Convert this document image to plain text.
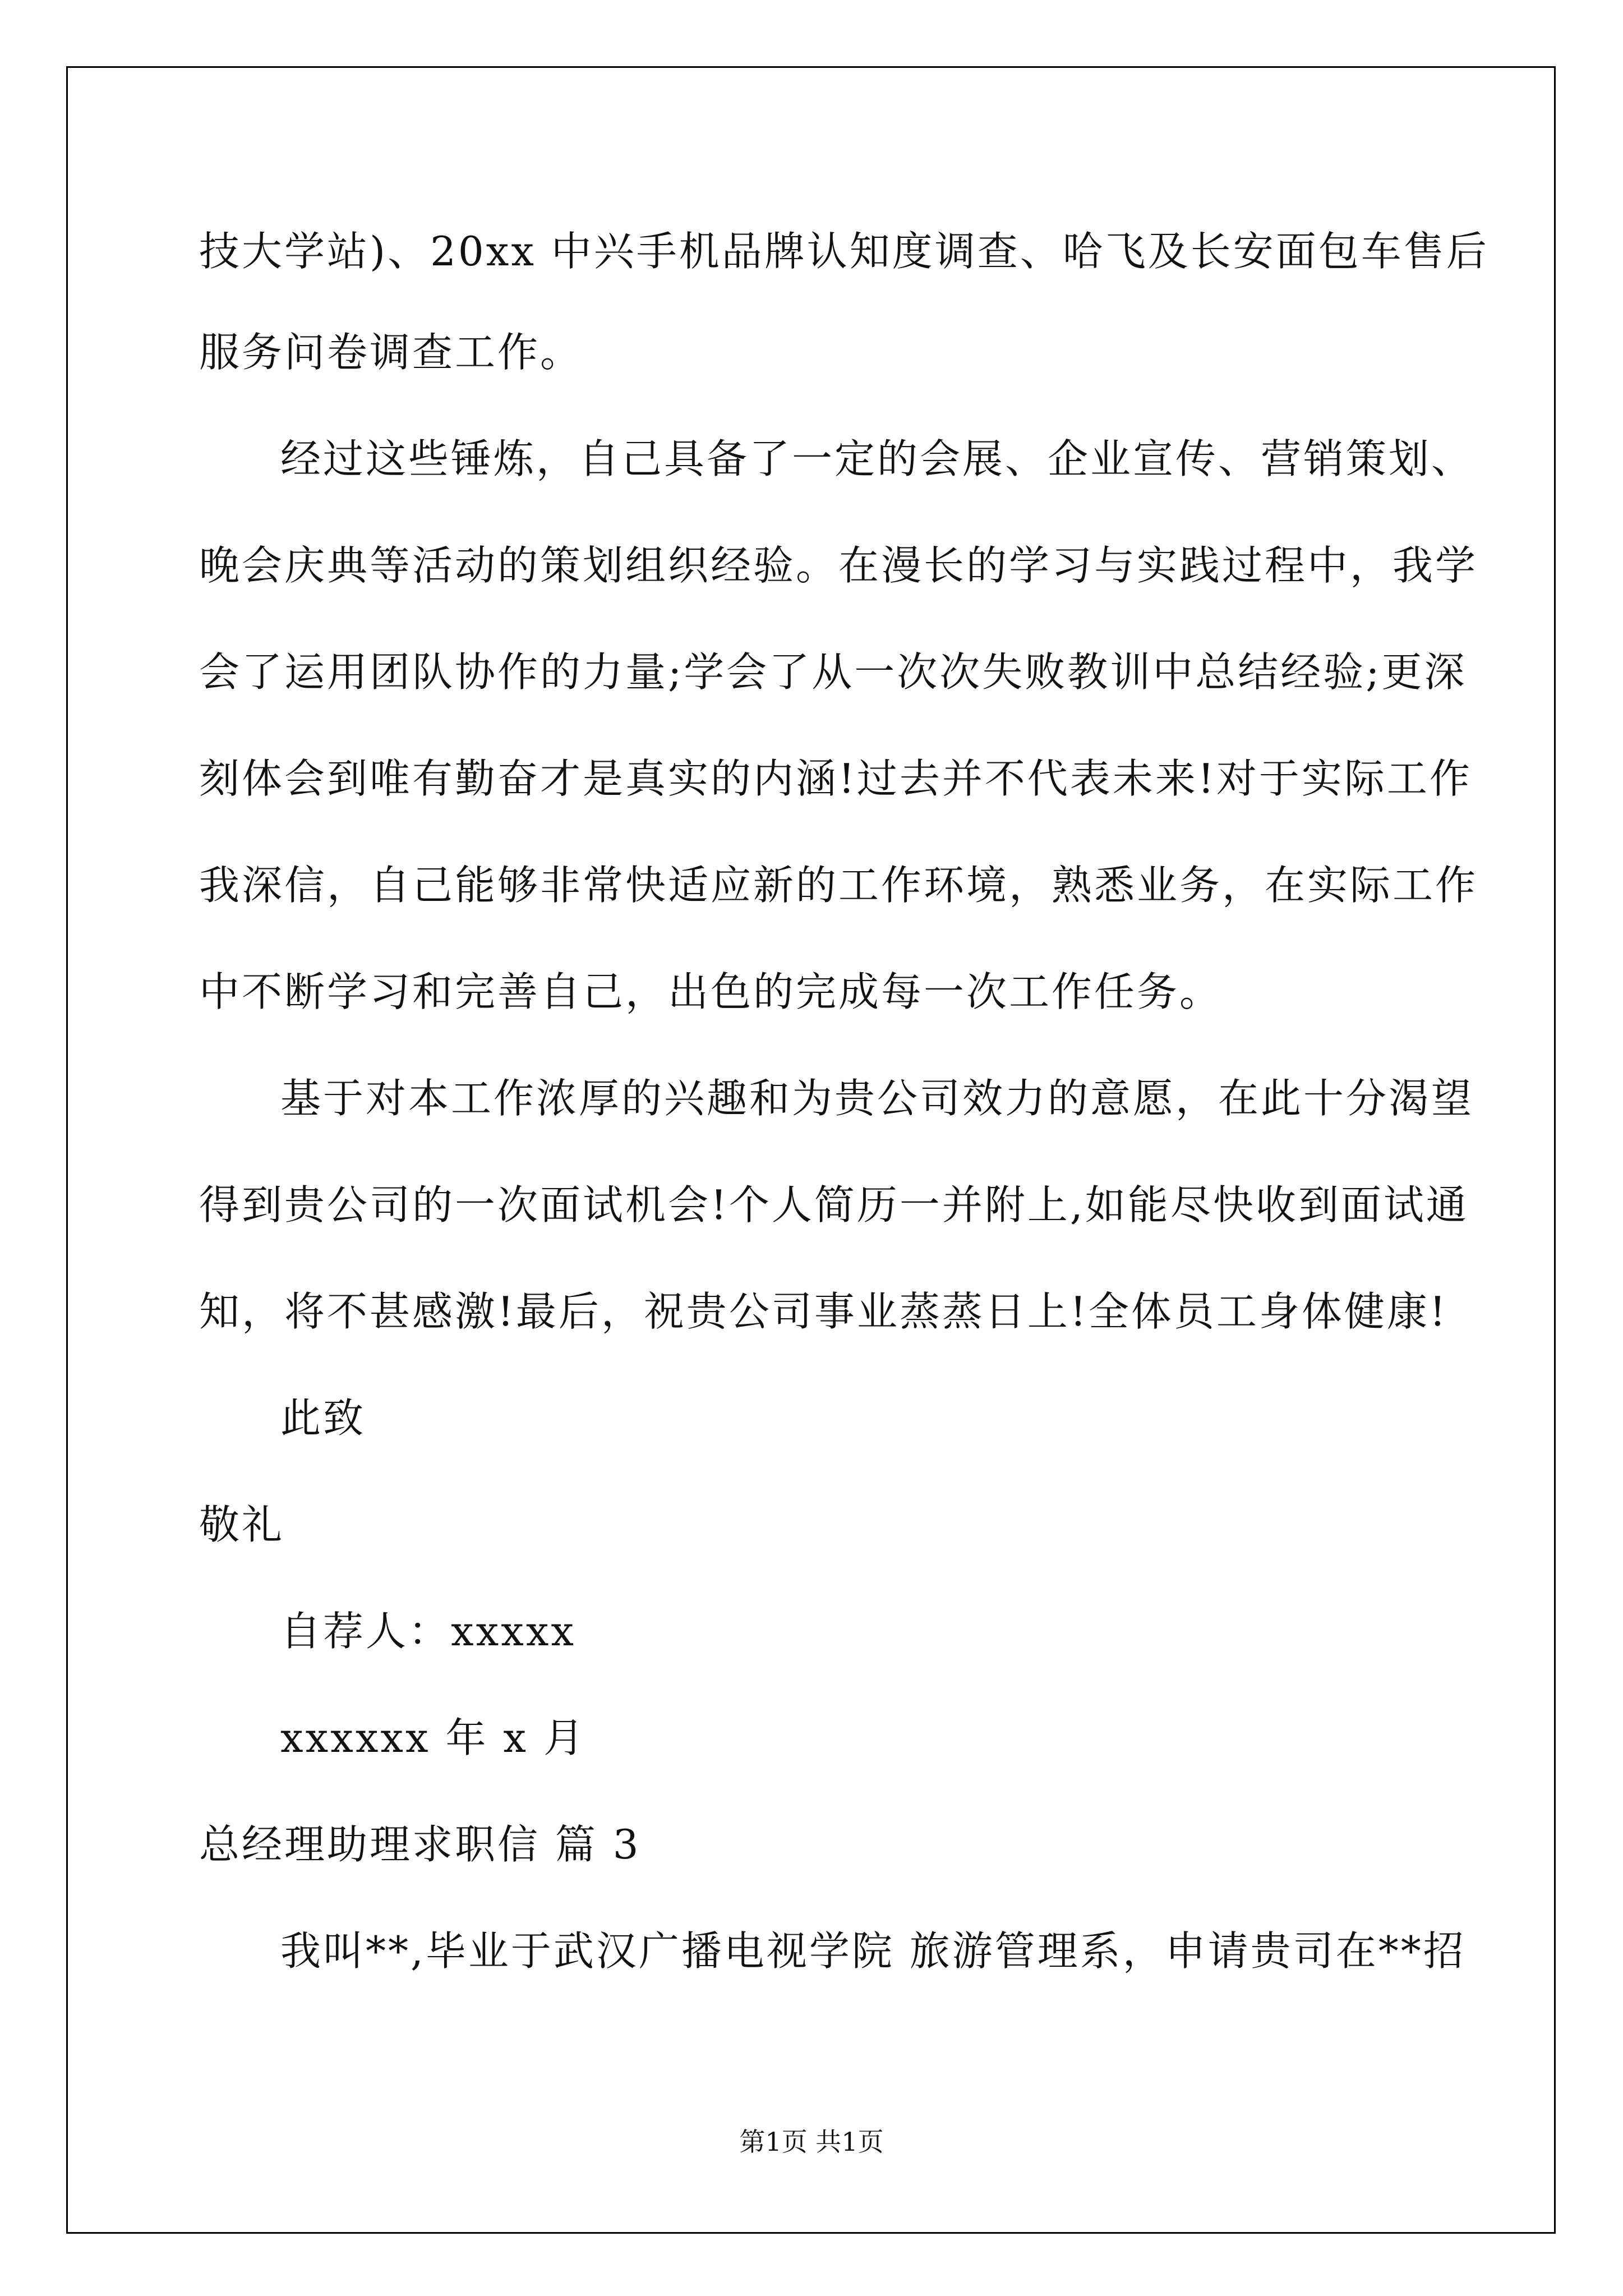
技大学站)、20xx 中兴手机品牌认知度调查、哈飞及长安面包车售后
服务问卷调查工作。
经过这些锤炼，自己具备了一定的会展、企业宣传、营销策划、
晚会庆典等活动的策划组织经验。在漫长的学习与实践过程中，我学
会了运用团队协作的力量;学会了从一次次失败教训中总结经验;更深
刻体会到唯有勤奋才是真实的内涵!过去并不代表未来!对于实际工作
我深信，自己能够非常快适应新的工作环境，熟悉业务，在实际工作
中不断学习和完善自己，出色的完成每一次工作任务。
基于对本工作浓厚的兴趣和为贵公司效力的意愿，在此十分渴望
得到贵公司的一次面试机会!个人简历一并附上,如能尽快收到面试通
知，将不甚感激!最后，祝贵公司事业蒸蒸日上!全体员工身体健康!
此致
敬礼
自荐人：xxxxx
xxxxxx 年 x 月
总经理助理求职信 篇 3
我叫**,毕业于武汉广播电视学院 旅游管理系，申请贵司在**招
第1页 共1页
